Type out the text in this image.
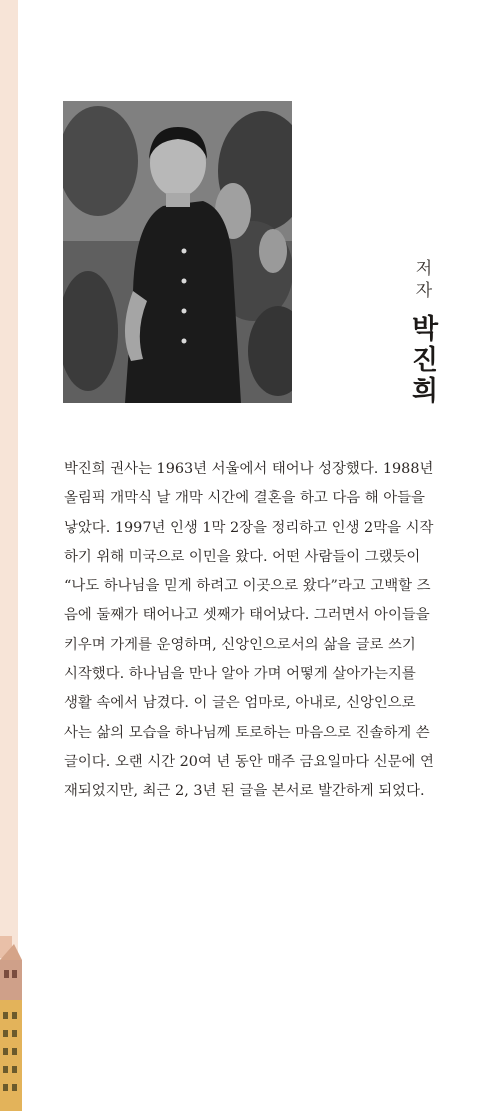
저자
박진희

박진희 권사는 1963년 서울에서 태어나 성장했다. 1988년

올림픽 개막식 날 개막 시간에 결혼을 하고 다음 해 아들을

낳았다. 1997년 인생 1막 2장을 정리하고 인생 2막을 시작

하기 위해 미국으로 이민을 왔다. 어떤 사람들이 그랬듯이

“나도 하나님을 믿게 하려고 이곳으로 왔다”라고 고백할 즈

음에 둘째가 태어나고 셋째가 태어났다. 그러면서 아이들을

키우며 가게를 운영하며, 신앙인으로서의 삶을 글로 쓰기

시작했다. 하나님을 만나 알아 가며 어떻게 살아가는지를

생활 속에서 남겼다. 이 글은 엄마로, 아내로, 신앙인으로

사는 삶의 모습을 하나님께 토로하는 마음으로 진솔하게 쓴

글이다. 오랜 시간 20여 년 동안 매주 금요일마다 신문에 연

재되었지만, 최근 2, 3년 된 글을 본서로 발간하게 되었다.
